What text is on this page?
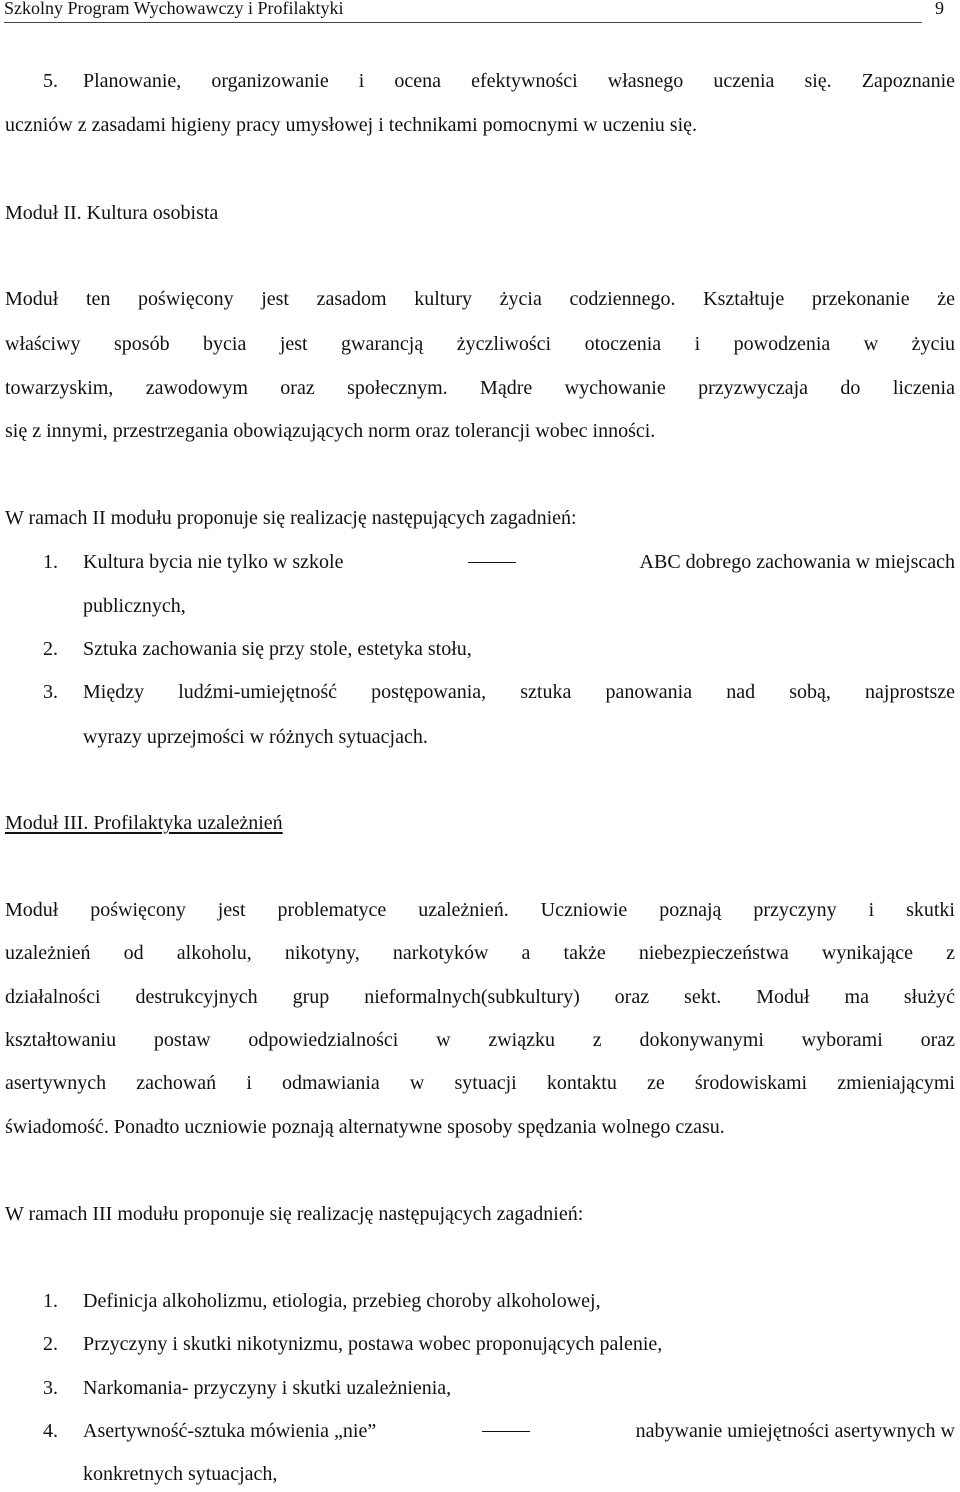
Szkolny Program Wychowawczy i Profilaktyki	9
5.	Planowanie, organizowanie i ocena efektywności własnego uczenia się. Zapoznanie
uczniów z zasadami higieny pracy umysłowej i technikami pomocnymi w uczeniu się.
Moduł II. Kultura osobista
Moduł ten poświęcony jest zasadom kultury życia codziennego. Kształtuje przekonanie że
właściwy sposób bycia jest gwarancją życzliwości otoczenia i powodzenia w życiu
towarzyskim, zawodowym oraz społecznym. Mądre wychowanie przyzwyczaja do liczenia
się z innymi, przestrzegania obowiązujących norm oraz tolerancji wobec inności.
W ramach II modułu proponuje się realizację następujących zagadnień:
1.	Kultura bycia nie tylko w szkole	ABC dobrego zachowania w miejscach
publicznych,
2.	Sztuka zachowania się przy stole, estetyka stołu,
3.	Między ludźmi-umiejętność postępowania, sztuka panowania nad sobą, najprostsze
wyrazy uprzejmości w różnych sytuacjach.
Moduł III. Profilaktyka uzależnień
Moduł poświęcony jest problematyce uzależnień. Uczniowie poznają przyczyny i skutki
uzależnień od alkoholu, nikotyny, narkotyków a także niebezpieczeństwa wynikające z
działalności destrukcyjnych grup nieformalnych(subkultury) oraz sekt. Moduł ma służyć
kształtowaniu postaw odpowiedzialności w związku z dokonywanymi wyborami oraz
asertywnych zachowań i odmawiania w sytuacji kontaktu ze środowiskami zmieniającymi
świadomość. Ponadto uczniowie poznają alternatywne sposoby spędzania wolnego czasu.
W ramach III modułu proponuje się realizację następujących zagadnień:
1.	Definicja alkoholizmu, etiologia, przebieg choroby alkoholowej,
2.	Przyczyny i skutki nikotynizmu, postawa wobec proponujących palenie,
3.	Narkomania- przyczyny i skutki uzależnienia,
4.	Asertywność-sztuka mówienia „nie”	nabywanie umiejętności asertywnych w
konkretnych sytuacjach,
